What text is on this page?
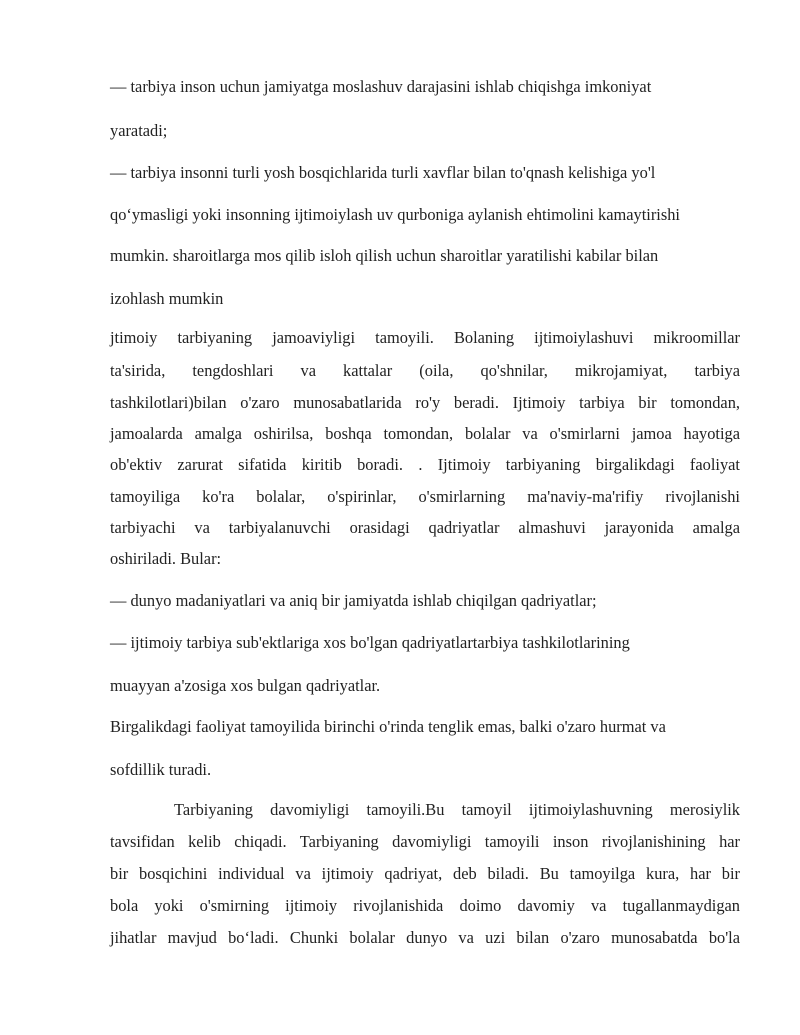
— tarbiya inson uchun jamiyatga moslashuv darajasini ishlab chiqishga imkoniyat
yaratadi;
— tarbiya insonni turli yosh bosqichlarida turli xavflar bilan to'qnash kelishiga yo'l
qo‘ymasligi yoki insonning ijtimoiylash uv qurboniga aylanish ehtimolini kamaytirishi
mumkin. sharoitlarga mos qilib isloh qilish uchun sharoitlar yaratilishi kabilar bilan
izohlash mumkin
jtimoiy tarbiyaning jamoaviyligi tamoyili. Bolaning ijtimoiylashuvi mikroomillar
ta'sirida, tengdoshlari va kattalar (oila, qo'shnilar, mikrojamiyat, tarbiya
tashkilotlari)bilan o'zaro munosabatlarida ro'y beradi. Ijtimoiy tarbiya bir tomondan,
jamoalarda amalga oshirilsa, boshqa tomondan, bolalar va o'smirlarni jamoa hayotiga
ob'ektiv zarurat sifatida kiritib boradi. . Ijtimoiy tarbiyaning birgalikdagi faoliyat
tamoyiliga ko'ra bolalar, o'spirinlar, o'smirlarning ma'naviy-ma'rifiy rivojlanishi
tarbiyachi va tarbiyalanuvchi orasidagi qadriyatlar almashuvi jarayonida amalga
oshiriladi. Bular:
— dunyo madaniyatlari va aniq bir jamiyatda ishlab chiqilgan qadriyatlar;
— ijtimoiy tarbiya sub'ektlariga xos bo'lgan qadriyatlartarbiya tashkilotlarining
muayyan a'zosiga xos bulgan qadriyatlar.
Birgalikdagi faoliyat tamoyilida birinchi o'rinda tenglik emas, balki o'zaro hurmat va
sofdillik turadi.
Tarbiyaning davomiyligi tamoyili.Bu tamoyil ijtimoiylashuvning merosiylik
tavsifidan kelib chiqadi. Tarbiyaning davomiyligi tamoyili inson rivojlanishining har
bir bosqichini individual va ijtimoiy qadriyat, deb biladi. Bu tamoyilga kura, har bir
bola yoki o'smirning ijtimoiy rivojlanishida doimo davomiy va tugallanmaydigan
jihatlar mavjud bo‘ladi. Chunki bolalar dunyo va uzi bilan o'zaro munosabatda bo'la
